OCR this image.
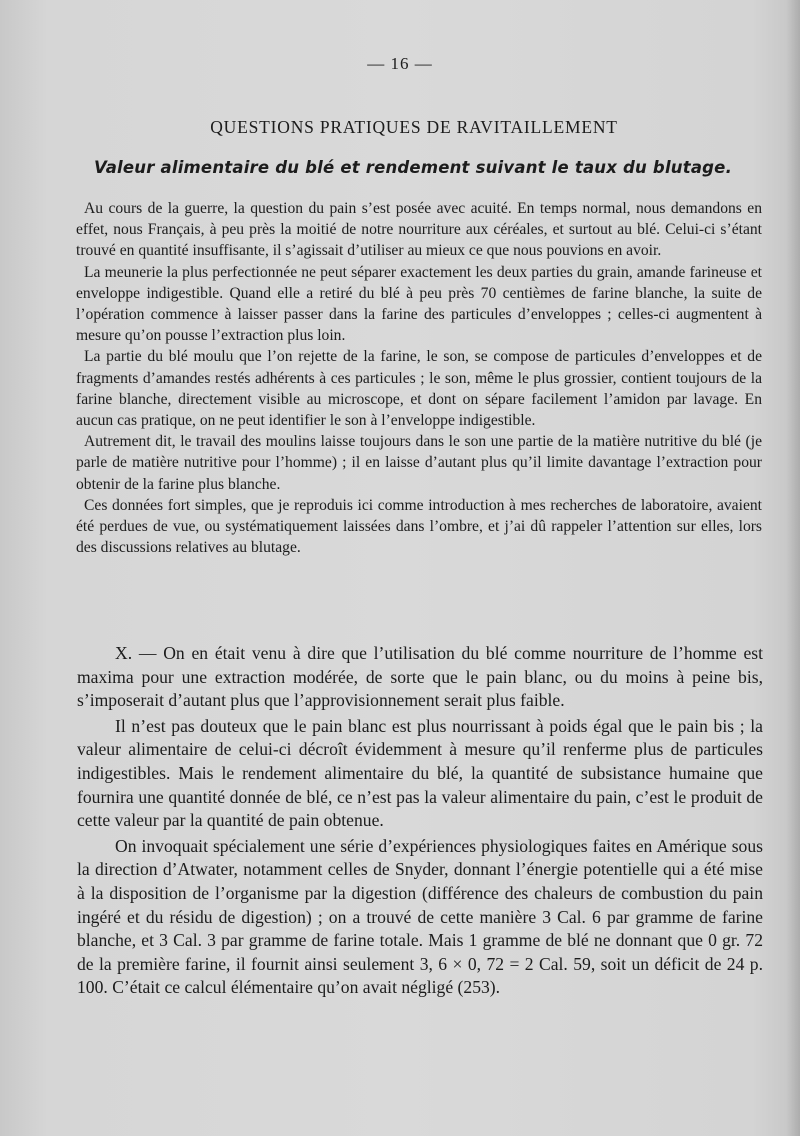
— 16 —
QUESTIONS PRATIQUES DE RAVITAILLEMENT
Valeur alimentaire du blé et rendement suivant le taux du blutage.

Au cours de la guerre, la question du pain s’est posée avec acuité. En temps normal, nous demandons en effet, nous Français, à peu près la moitié de notre nourriture aux céréales, et surtout au blé. Celui-ci s’étant trouvé en quantité insuffisante, il s’agissait d’utiliser au mieux ce que nous pouvions en avoir.

La meunerie la plus perfectionnée ne peut séparer exactement les deux parties du grain, amande farineuse et enveloppe indigestible. Quand elle a retiré du blé à peu près 70 centièmes de farine blanche, la suite de l’opération commence à laisser passer dans la farine des particules d’enveloppes ; celles-ci augmentent à mesure qu’on pousse l’extraction plus loin.

La partie du blé moulu que l’on rejette de la farine, le son, se compose de particules d’enveloppes et de fragments d’amandes restés adhérents à ces particules ; le son, même le plus grossier, contient toujours de la farine blanche, directement visible au microscope, et dont on sépare facilement l’amidon par lavage. En aucun cas pratique, on ne peut identifier le son à l’enveloppe indigestible.

Autrement dit, le travail des moulins laisse toujours dans le son une partie de la matière nutritive du blé (je parle de matière nutritive pour l’homme) ; il en laisse d’autant plus qu’il limite davantage l’extraction pour obtenir de la farine plus blanche.

Ces données fort simples, que je reproduis ici comme introduction à mes recherches de laboratoire, avaient été perdues de vue, ou systématiquement laissées dans l’ombre, et j’ai dû rappeler l’attention sur elles, lors des discussions relatives au blutage.

X. — On en était venu à dire que l’utilisation du blé comme nourriture de l’homme est maxima pour une extraction modérée, de sorte que le pain blanc, ou du moins à peine bis, s’imposerait d’autant plus que l’approvisionnement serait plus faible.

Il n’est pas douteux que le pain blanc est plus nourrissant à poids égal que le pain bis ; la valeur alimentaire de celui-ci décroît évidemment à mesure qu’il renferme plus de particules indigestibles. Mais le rendement alimentaire du blé, la quantité de subsistance humaine que fournira une quantité donnée de blé, ce n’est pas la valeur alimentaire du pain, c’est le produit de cette valeur par la quantité de pain obtenue.

On invoquait spécialement une série d’expériences physiologiques faites en Amérique sous la direction d’Atwater, notamment celles de Snyder, donnant l’énergie potentielle qui a été mise à la disposition de l’organisme par la digestion (différence des chaleurs de combustion du pain ingéré et du résidu de digestion) ; on a trouvé de cette manière 3 Cal. 6 par gramme de farine blanche, et 3 Cal. 3 par gramme de farine totale. Mais 1 gramme de blé ne donnant que 0 gr. 72 de la première farine, il fournit ainsi seulement 3, 6 × 0, 72 = 2 Cal. 59, soit un déficit de 24 p. 100. C’était ce calcul élémentaire qu’on avait négligé (253).
